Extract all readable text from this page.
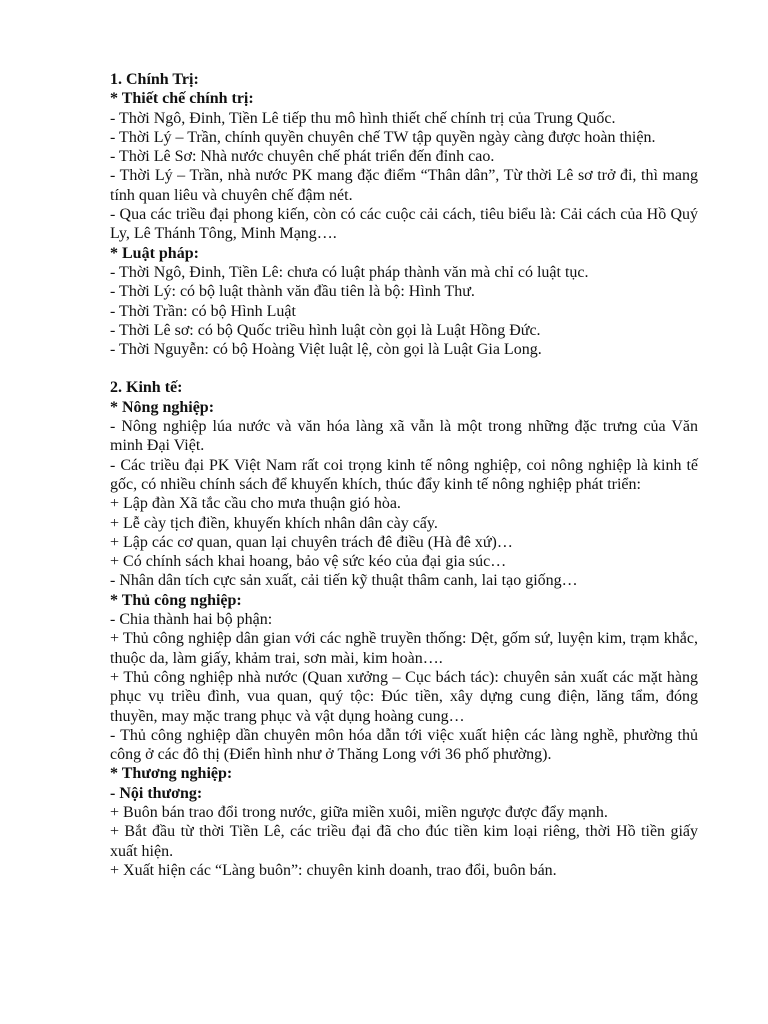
1. Chính Trị:
* Thiết chế chính trị:
- Thời Ngô, Đinh, Tiền Lê tiếp thu mô hình thiết chế chính trị của Trung Quốc.
- Thời Lý – Trần, chính quyền chuyên chế TW tập quyền ngày càng được hoàn thiện.
- Thời Lê Sơ: Nhà nước chuyên chế phát triển đến đỉnh cao.
- Thời Lý – Trần, nhà nước PK mang đặc điểm “Thân dân”, Từ thời Lê sơ trở đi, thì mang tính quan liêu và chuyên chế đậm nét.
- Qua các triều đại phong kiến, còn có các cuộc cải cách, tiêu biểu là: Cải cách của Hồ Quý Ly, Lê Thánh Tông, Minh Mạng….
* Luật pháp:
- Thời Ngô, Đinh, Tiền Lê: chưa có luật pháp thành văn mà chỉ có luật tục.
- Thời Lý: có bộ luật thành văn đầu tiên là bộ: Hình Thư.
- Thời Trần: có bộ Hình Luật
- Thời Lê sơ: có bộ Quốc triều hình luật còn gọi là Luật Hồng Đức.
- Thời Nguyễn: có bộ Hoàng Việt luật lệ, còn gọi là Luật Gia Long.
2. Kinh tế:
* Nông nghiệp:
- Nông nghiệp lúa nước và văn hóa làng xã vẫn là một trong những đặc trưng của Văn minh Đại Việt.
- Các triều đại PK Việt Nam rất coi trọng kinh tế nông nghiệp, coi nông nghiệp là kinh tế gốc, có nhiều chính sách để khuyến khích, thúc đẩy kinh tế nông nghiệp phát triển:
+ Lập đàn Xã tắc cầu cho mưa thuận gió hòa.
+ Lễ cày tịch điền, khuyến khích nhân dân cày cấy.
+ Lập các cơ quan, quan lại chuyên trách đê điều (Hà đê xứ)…
+ Có chính sách khai hoang, bảo vệ sức kéo của đại gia súc…
- Nhân dân tích cực sản xuất, cải tiến kỹ thuật thâm canh, lai tạo giống…
* Thủ công nghiệp:
- Chia thành hai bộ phận:
+ Thủ công nghiệp dân gian với các nghề truyền thống: Dệt, gốm sứ, luyện kim, trạm khắc, thuộc da, làm giấy, khảm trai, sơn mài, kim hoàn….
+ Thủ công nghiệp nhà nước (Quan xưởng – Cục bách tác): chuyên sản xuất các mặt hàng phục vụ triều đình, vua quan, quý tộc: Đúc tiền, xây dựng cung điện, lăng tẩm, đóng thuyền, may mặc trang phục và vật dụng hoàng cung…
- Thủ công nghiệp dần chuyên môn hóa dẫn tới việc xuất hiện các làng nghề, phường thủ công ở các đô thị (Điển hình như ở Thăng Long với 36 phố phường).
* Thương nghiệp:
- Nội thương:
+ Buôn bán trao đổi trong nước, giữa miền xuôi, miền ngược được đẩy mạnh.
+ Bắt đầu từ thời Tiền Lê, các triều đại đã cho đúc tiền kim loại riêng, thời Hồ tiền giấy xuất hiện.
+ Xuất hiện các “Làng buôn”: chuyên kinh doanh, trao đổi, buôn bán.
